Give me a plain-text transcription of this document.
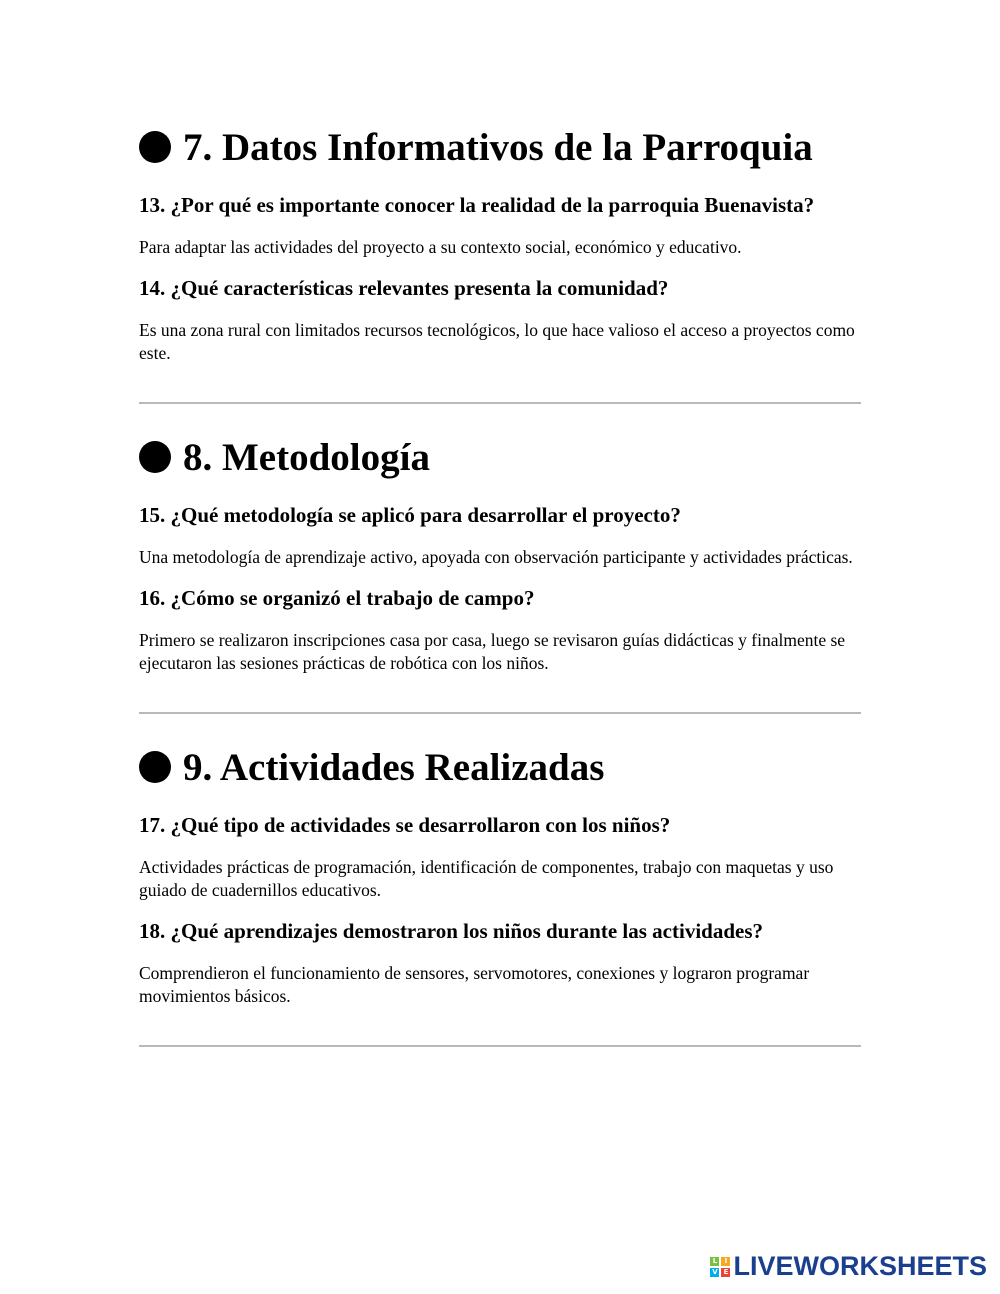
7. Datos Informativos de la Parroquia
13. ¿Por qué es importante conocer la realidad de la parroquia Buenavista?
Para adaptar las actividades del proyecto a su contexto social, económico y educativo.
14. ¿Qué características relevantes presenta la comunidad?
Es una zona rural con limitados recursos tecnológicos, lo que hace valioso el acceso a proyectos como este.
8. Metodología
15. ¿Qué metodología se aplicó para desarrollar el proyecto?
Una metodología de aprendizaje activo, apoyada con observación participante y actividades prácticas.
16. ¿Cómo se organizó el trabajo de campo?
Primero se realizaron inscripciones casa por casa, luego se revisaron guías didácticas y finalmente se ejecutaron las sesiones prácticas de robótica con los niños.
9. Actividades Realizadas
17. ¿Qué tipo de actividades se desarrollaron con los niños?
Actividades prácticas de programación, identificación de componentes, trabajo con maquetas y uso guiado de cuadernillos educativos.
18. ¿Qué aprendizajes demostraron los niños durante las actividades?
Comprendieron el funcionamiento de sensores, servomotores, conexiones y lograron programar movimientos básicos.
L	I
V E LIVEWORKSHEETS
